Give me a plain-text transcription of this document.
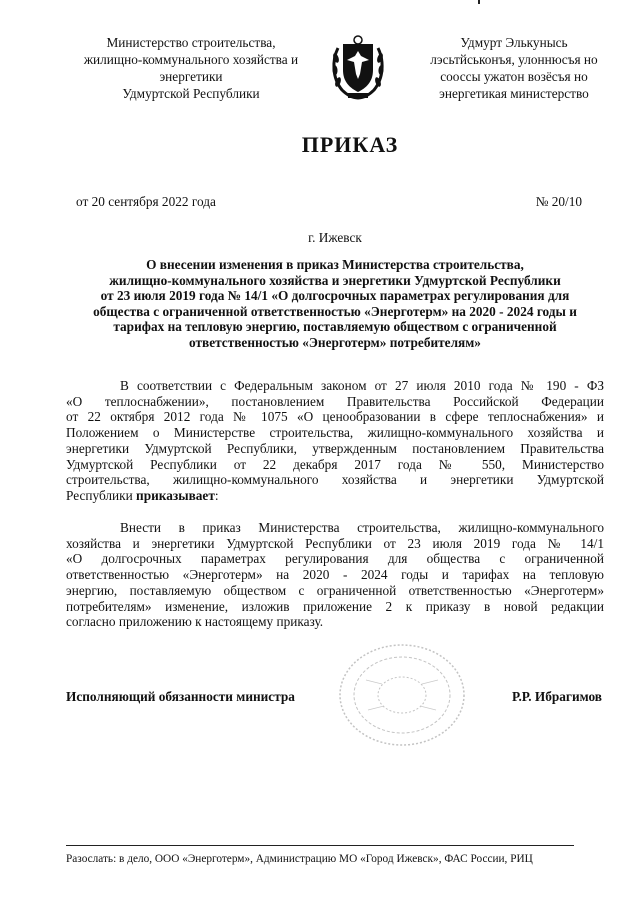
Министерство строительства,
жилищно-коммунального хозяйства и
энергетики
Удмуртской Республики
Удмурт Элькунысь
лэсьтйськонъя, улоннюсъя но
сооссы ужатон возёсъя но
энергетикая министерство
ПРИКАЗ
от 20 сентября 2022 года	№ 20/10
г. Ижевск
О внесении изменения в приказ Министерства строительства,
жилищно-коммунального хозяйства и энергетики Удмуртской Республики
от 23 июля 2019 года № 14/1 «О долгосрочных параметрах регулирования для
общества с ограниченной ответственностью «Энерготерм» на 2020 - 2024 годы и
тарифах на тепловую энергию, поставляемую обществом с ограниченной
ответственностью «Энерготерм» потребителям»
В соответствии с Федеральным законом от 27 июля 2010 года № 190 - ФЗ
«О теплоснабжении», постановлением Правительства Российской Федерации
от 22 октября 2012 года № 1075 «О ценообразовании в сфере теплоснабжения» и
Положением о Министерстве строительства, жилищно-коммунального хозяйства и
энергетики Удмуртской Республики, утвержденным постановлением Правительства
Удмуртской Республики от 22 декабря 2017 года № 550, Министерство
строительства, жилищно-коммунального хозяйства и энергетики Удмуртской
Республики приказывает:
Внести в приказ Министерства строительства, жилищно-коммунального
хозяйства и энергетики Удмуртской Республики от 23 июля 2019 года № 14/1
«О долгосрочных параметрах регулирования для общества с ограниченной
ответственностью «Энерготерм» на 2020 - 2024 годы и тарифах на тепловую
энергию, поставляемую обществом с ограниченной ответственностью «Энерготерм»
потребителям» изменение, изложив приложение 2 к приказу в новой редакции
согласно приложению к настоящему приказу.
Исполняющий обязанности министра	Р.Р. Ибрагимов
Разослать: в дело, ООО «Энерготерм», Администрацию МО «Город Ижевск», ФАС России, РИЦ
